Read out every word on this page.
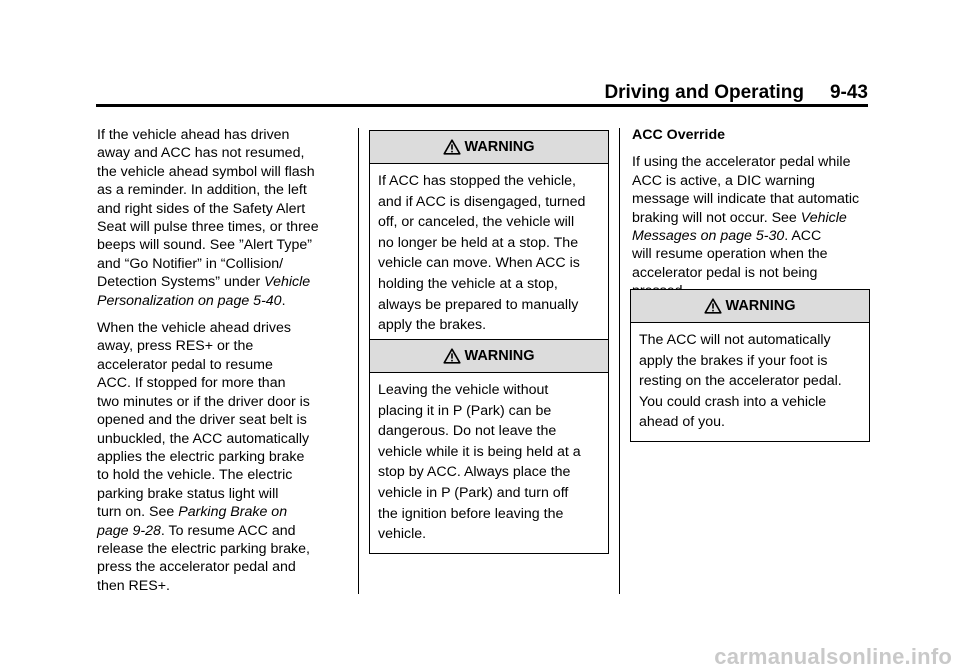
Driving and Operating 9-43

If the vehicle ahead has driven
away and ACC has not resumed,
the vehicle ahead symbol will flash
as a reminder. In addition, the left
and right sides of the Safety Alert
Seat will pulse three times, or three
beeps will sound. See ”Alert Type”
and “Go Notifier” in “Collision/
Detection Systems” under Vehicle
Personalization on page 5‑40.

When the vehicle ahead drives
away, press RES+ or the
accelerator pedal to resume
ACC. If stopped for more than
two minutes or if the driver door is
opened and the driver seat belt is
unbuckled, the ACC automatically
applies the electric parking brake
to hold the vehicle. The electric
parking brake status light will
turn on. See Parking Brake on
page 9‑28. To resume ACC and
release the electric parking brake,
press the accelerator pedal and
then RES+.

WARNING
If ACC has stopped the vehicle,
and if ACC is disengaged, turned
off, or canceled, the vehicle will
no longer be held at a stop. The
vehicle can move. When ACC is
holding the vehicle at a stop,
always be prepared to manually
apply the brakes.
WARNING
Leaving the vehicle without
placing it in P (Park) can be
dangerous. Do not leave the
vehicle while it is being held at a
stop by ACC. Always place the
vehicle in P (Park) and turn off
the ignition before leaving the
vehicle.

ACC Override

If using the accelerator pedal while
ACC is active, a DIC warning
message will indicate that automatic
braking will not occur. See Vehicle
Messages on page 5‑30. ACC
will resume operation when the
accelerator pedal is not being

WARNING
The ACC will not automatically
apply the brakes if your foot is
resting on the accelerator pedal.
You could crash into a vehicle
ahead of you.
carmanualsonline.info
